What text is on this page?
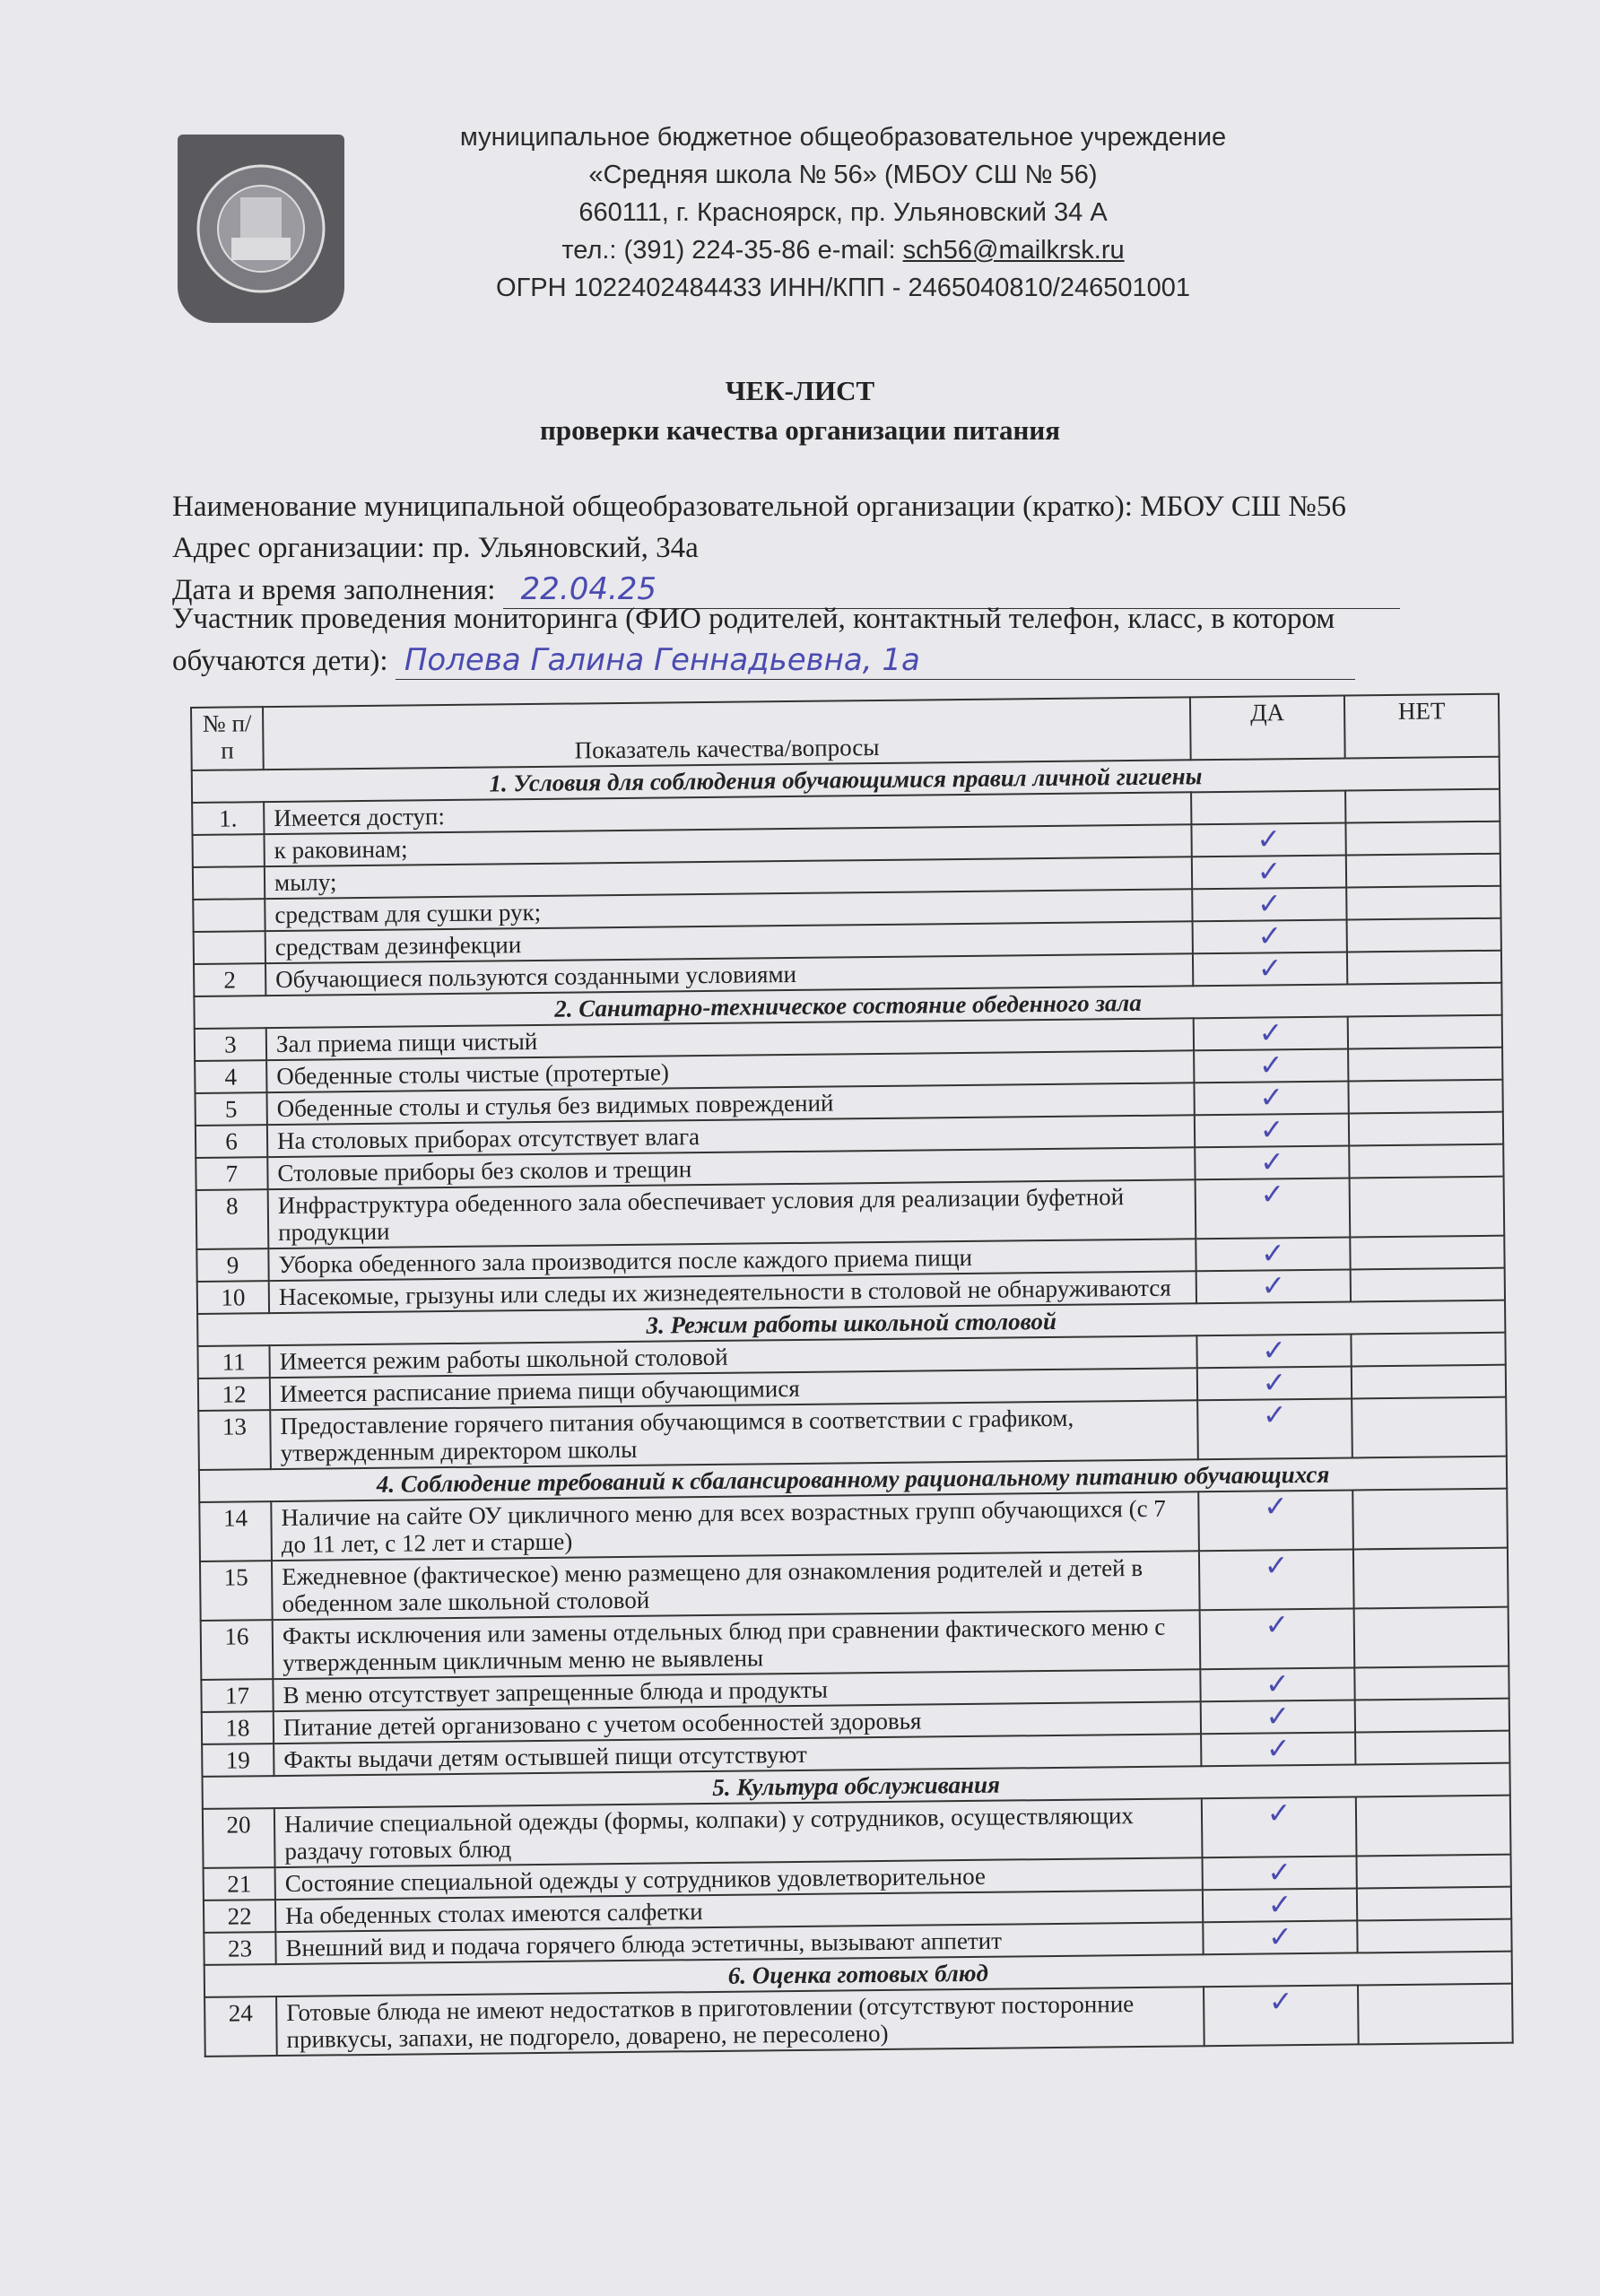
муниципальное бюджетное общеобразовательное учреждение
«Средняя школа № 56» (МБОУ СШ № 56)
660111, г. Красноярск, пр. Ульяновский 34 А
тел.: (391) 224-35-86 e-mail: sch56@mailkrsk.ru
ОГРН 1022402484433 ИНН/КПП - 2465040810/246501001
ЧЕК-ЛИСТ
проверки качества организации питания
Наименование муниципальной общеобразовательной организации (кратко): МБОУ СШ №56
Адрес организации: пр. Ульяновский, 34а
Дата и время заполнения: 22.04.25
Участник проведения мониторинга (ФИО родителей, контактный телефон, класс, в котором
обучаются дети): Полева Галина Геннадьевна, 1а
№ п/п	Показатель качества/вопросы	ДА	НЕТ
1. Условия для соблюдения обучающимися правил личной гигиены			
1.	Имеется доступ:		
	к раковинам;	✓	
	мылу;	✓	
	средствам для сушки рук;	✓	
	средствам дезинфекции	✓	
2	Обучающиеся пользуются созданными условиями	✓	
2. Санитарно-техническое состояние обеденного зала			
3	Зал приема пищи чистый	✓	
4	Обеденные столы чистые (протертые)	✓	
5	Обеденные столы и стулья без видимых повреждений	✓	
6	На столовых приборах отсутствует влага	✓	
7	Столовые приборы без сколов и трещин	✓	
8	Инфраструктура обеденного зала обеспечивает условия для реализации буфетной продукции	✓	
9	Уборка обеденного зала производится после каждого приема пищи	✓	
10	Насекомые, грызуны или следы их жизнедеятельности в столовой не обнаруживаются	✓	
3. Режим работы школьной столовой			
11	Имеется режим работы школьной столовой	✓	
12	Имеется расписание приема пищи обучающимися	✓	
13	Предоставление горячего питания обучающимся в соответствии с графиком, утвержденным директором школы	✓	
4. Соблюдение требований к сбалансированному рациональному питанию обучающихся			
14	Наличие на сайте ОУ цикличного меню для всех возрастных групп обучающихся (с 7 до 11 лет, с 12 лет и старше)	✓	
15	Ежедневное (фактическое) меню размещено для ознакомления родителей и детей в обеденном зале школьной столовой	✓	
16	Факты исключения или замены отдельных блюд при сравнении фактического меню с утвержденным цикличным меню не выявлены	✓	
17	В меню отсутствует запрещенные блюда и продукты	✓	
18	Питание детей организовано с учетом особенностей здоровья	✓	
19	Факты выдачи детям остывшей пищи отсутствуют	✓	
5. Культура обслуживания			
20	Наличие специальной одежды (формы, колпаки) у сотрудников, осуществляющих раздачу готовых блюд	✓	
21	Состояние специальной одежды у сотрудников удовлетворительное	✓	
22	На обеденных столах имеются салфетки	✓	
23	Внешний вид и подача горячего блюда эстетичны, вызывают аппетит	✓	
6. Оценка готовых блюд			
24	Готовые блюда не имеют недостатков в приготовлении (отсутствуют посторонние привкусы, запахи, не подгорело, доварено, не пересолено)	✓	
